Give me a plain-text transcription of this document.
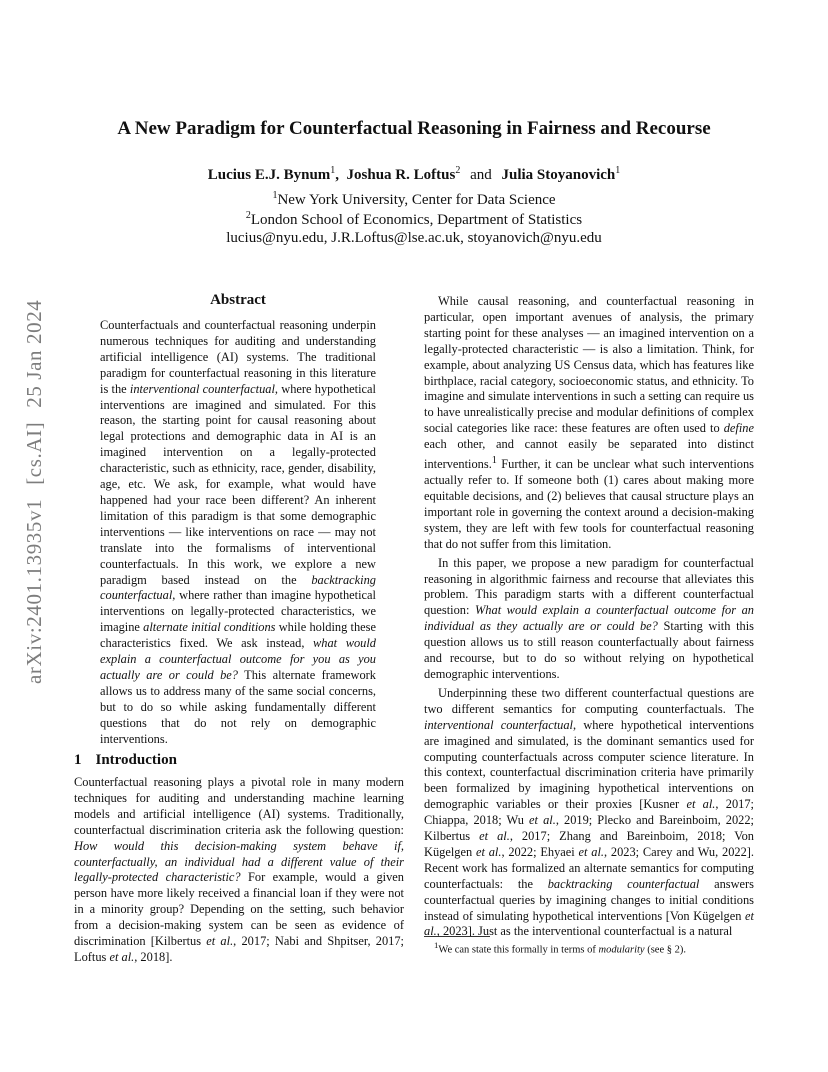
arXiv:2401.13935v1[cs.AI]25 Jan 2024
A New Paradigm for Counterfactual Reasoning in Fairness and Recourse
Lucius E.J. Bynum$^1$, Joshua R. Loftus$^2$ and Julia Stoyanovich$^1$
$^1$New York University, Center for Data Science
$^2$London School of Economics, Department of Statistics
lucius@nyu.edu, J.R.Loftus@lse.ac.uk, stoyanovich@nyu.edu
Abstract
Counterfactuals and counterfactual reasoning underpin numerous techniques for auditing and understanding artificial intelligence (AI) systems. The traditional paradigm for counterfactual reasoning in this literature is the interventional counterfactual, where hypothetical interventions are imagined and simulated. For this reason, the starting point for causal reasoning about legal protections and demographic data in AI is an imagined intervention on a legally-protected characteristic, such as ethnicity, race, gender, disability, age, etc. We ask, for example, what would have happened had your race been different? An inherent limitation of this paradigm is that some demographic interventions — like interventions on race — may not translate into the formalisms of interventional counterfactuals. In this work, we explore a new paradigm based instead on the backtracking counterfactual, where rather than imagine hypothetical interventions on legally-protected characteristics, we imagine alternate initial conditions while holding these characteristics fixed. We ask instead, what would explain a counterfactual outcome for you as you actually are or could be? This alternate framework allows us to address many of the same social concerns, but to do so while asking fundamentally different questions that do not rely on demographic interventions.
1 Introduction
Counterfactual reasoning plays a pivotal role in many modern techniques for auditing and understanding machine learning models and artificial intelligence (AI) systems. Traditionally, counterfactual discrimination criteria ask the following question: How would this decision-making system behave if, counterfactually, an individual had a different value of their legally-protected characteristic? For example, would a given person have more likely received a financial loan if they were not in a minority group? Depending on the setting, such behavior from a decision-making system can be seen as evidence of discrimination [Kilbertus et al., 2017; Nabi and Shpitser, 2017; Loftus et al., 2018].

While causal reasoning, and counterfactual reasoning in particular, open important avenues of analysis, the primary starting point for these analyses — an imagined intervention on a legally-protected characteristic — is also a limitation. Think, for example, about analyzing US Census data, which has features like birthplace, racial category, socioeconomic status, and ethnicity. To imagine and simulate interventions in such a setting can require us to have unrealistically precise and modular definitions of complex social categories like race: these features are often used to define each other, and cannot easily be separated into distinct interventions.$^1$ Further, it can be unclear what such interventions actually refer to. If someone both (1) cares about making more equitable decisions, and (2) believes that causal structure plays an important role in governing the context around a decision-making system, they are left with few tools for counterfactual reasoning that do not suffer from this limitation.

In this paper, we propose a new paradigm for counterfactual reasoning in algorithmic fairness and recourse that alleviates this problem. This paradigm starts with a different counterfactual question: What would explain a counterfactual outcome for an individual as they actually are or could be? Starting with this question allows us to still reason counterfactually about fairness and recourse, but to do so without relying on hypothetical demographic interventions.

Underpinning these two different counterfactual questions are two different semantics for computing counterfactuals. The interventional counterfactual, where hypothetical interventions are imagined and simulated, is the dominant semantics used for computing counterfactuals across computer science literature. In this context, counterfactual discrimination criteria have primarily been formalized by imagining hypothetical interventions on demographic variables or their proxies [Kusner et al., 2017; Chiappa, 2018; Wu et al., 2019; Plecko and Bareinboim, 2022; Kilbertus et al., 2017; Zhang and Bareinboim, 2018; Von Kügelgen et al., 2022; Ehyaei et al., 2023; Carey and Wu, 2022]. Recent work has formalized an alternate semantics for computing counterfactuals: the backtracking counterfactual answers counterfactual queries by imagining changes to initial conditions instead of simulating hypothetical interventions [Von Kügelgen et al., 2023]. Just as the interventional counterfactual is a natural

$^1$We can state this formally in terms of modularity (see § 2).
